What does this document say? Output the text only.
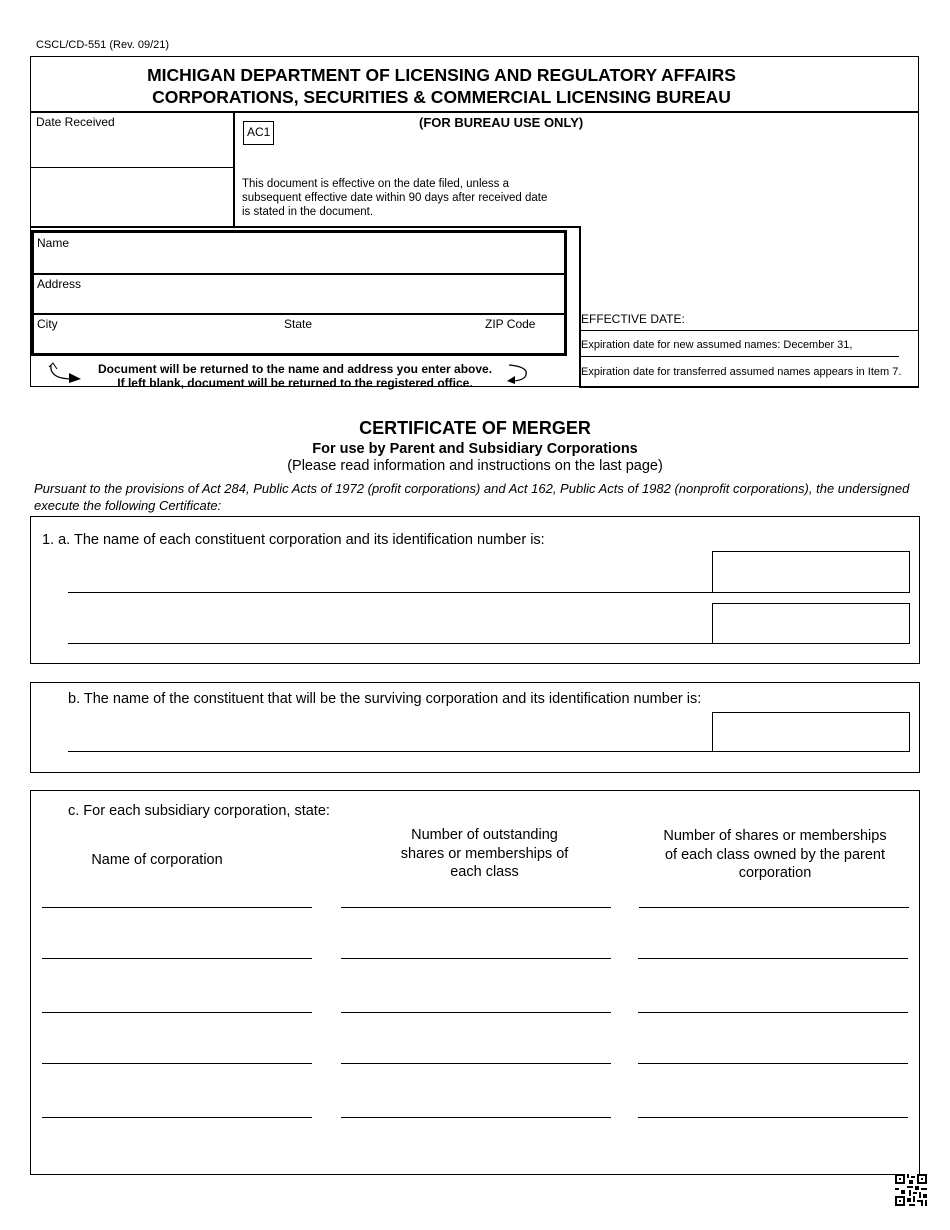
CSCL/CD-551 (Rev. 09/21)
MICHIGAN DEPARTMENT OF LICENSING AND REGULATORY AFFAIRS
CORPORATIONS, SECURITIES & COMMERCIAL LICENSING BUREAU
Date Received
AC1
(FOR BUREAU USE ONLY)
This document is effective on the date filed, unless a subsequent effective date within 90 days after received date is stated in the document.
Name
Address
City	State	ZIP Code	EFFECTIVE DATE:
Expiration date for new assumed names: December 31,
Expiration date for transferred assumed names appears in Item 7.
Document will be returned to the name and address you enter above.
If left blank, document will be returned to the registered office.
CERTIFICATE OF MERGER
For use by Parent and Subsidiary Corporations
(Please read information and instructions on the last page)
Pursuant to the provisions of Act 284, Public Acts of 1972 (profit corporations) and Act 162, Public Acts of 1982 (nonprofit corporations), the undersigned execute the following Certificate:
1. a. The name of each constituent corporation and its identification number is:
b. The name of the constituent that will be the surviving corporation and its identification number is:
c. For each subsidiary corporation, state:
Name of corporation
Number of outstanding shares or memberships of each class
Number of shares or memberships of each class owned by the parent corporation
